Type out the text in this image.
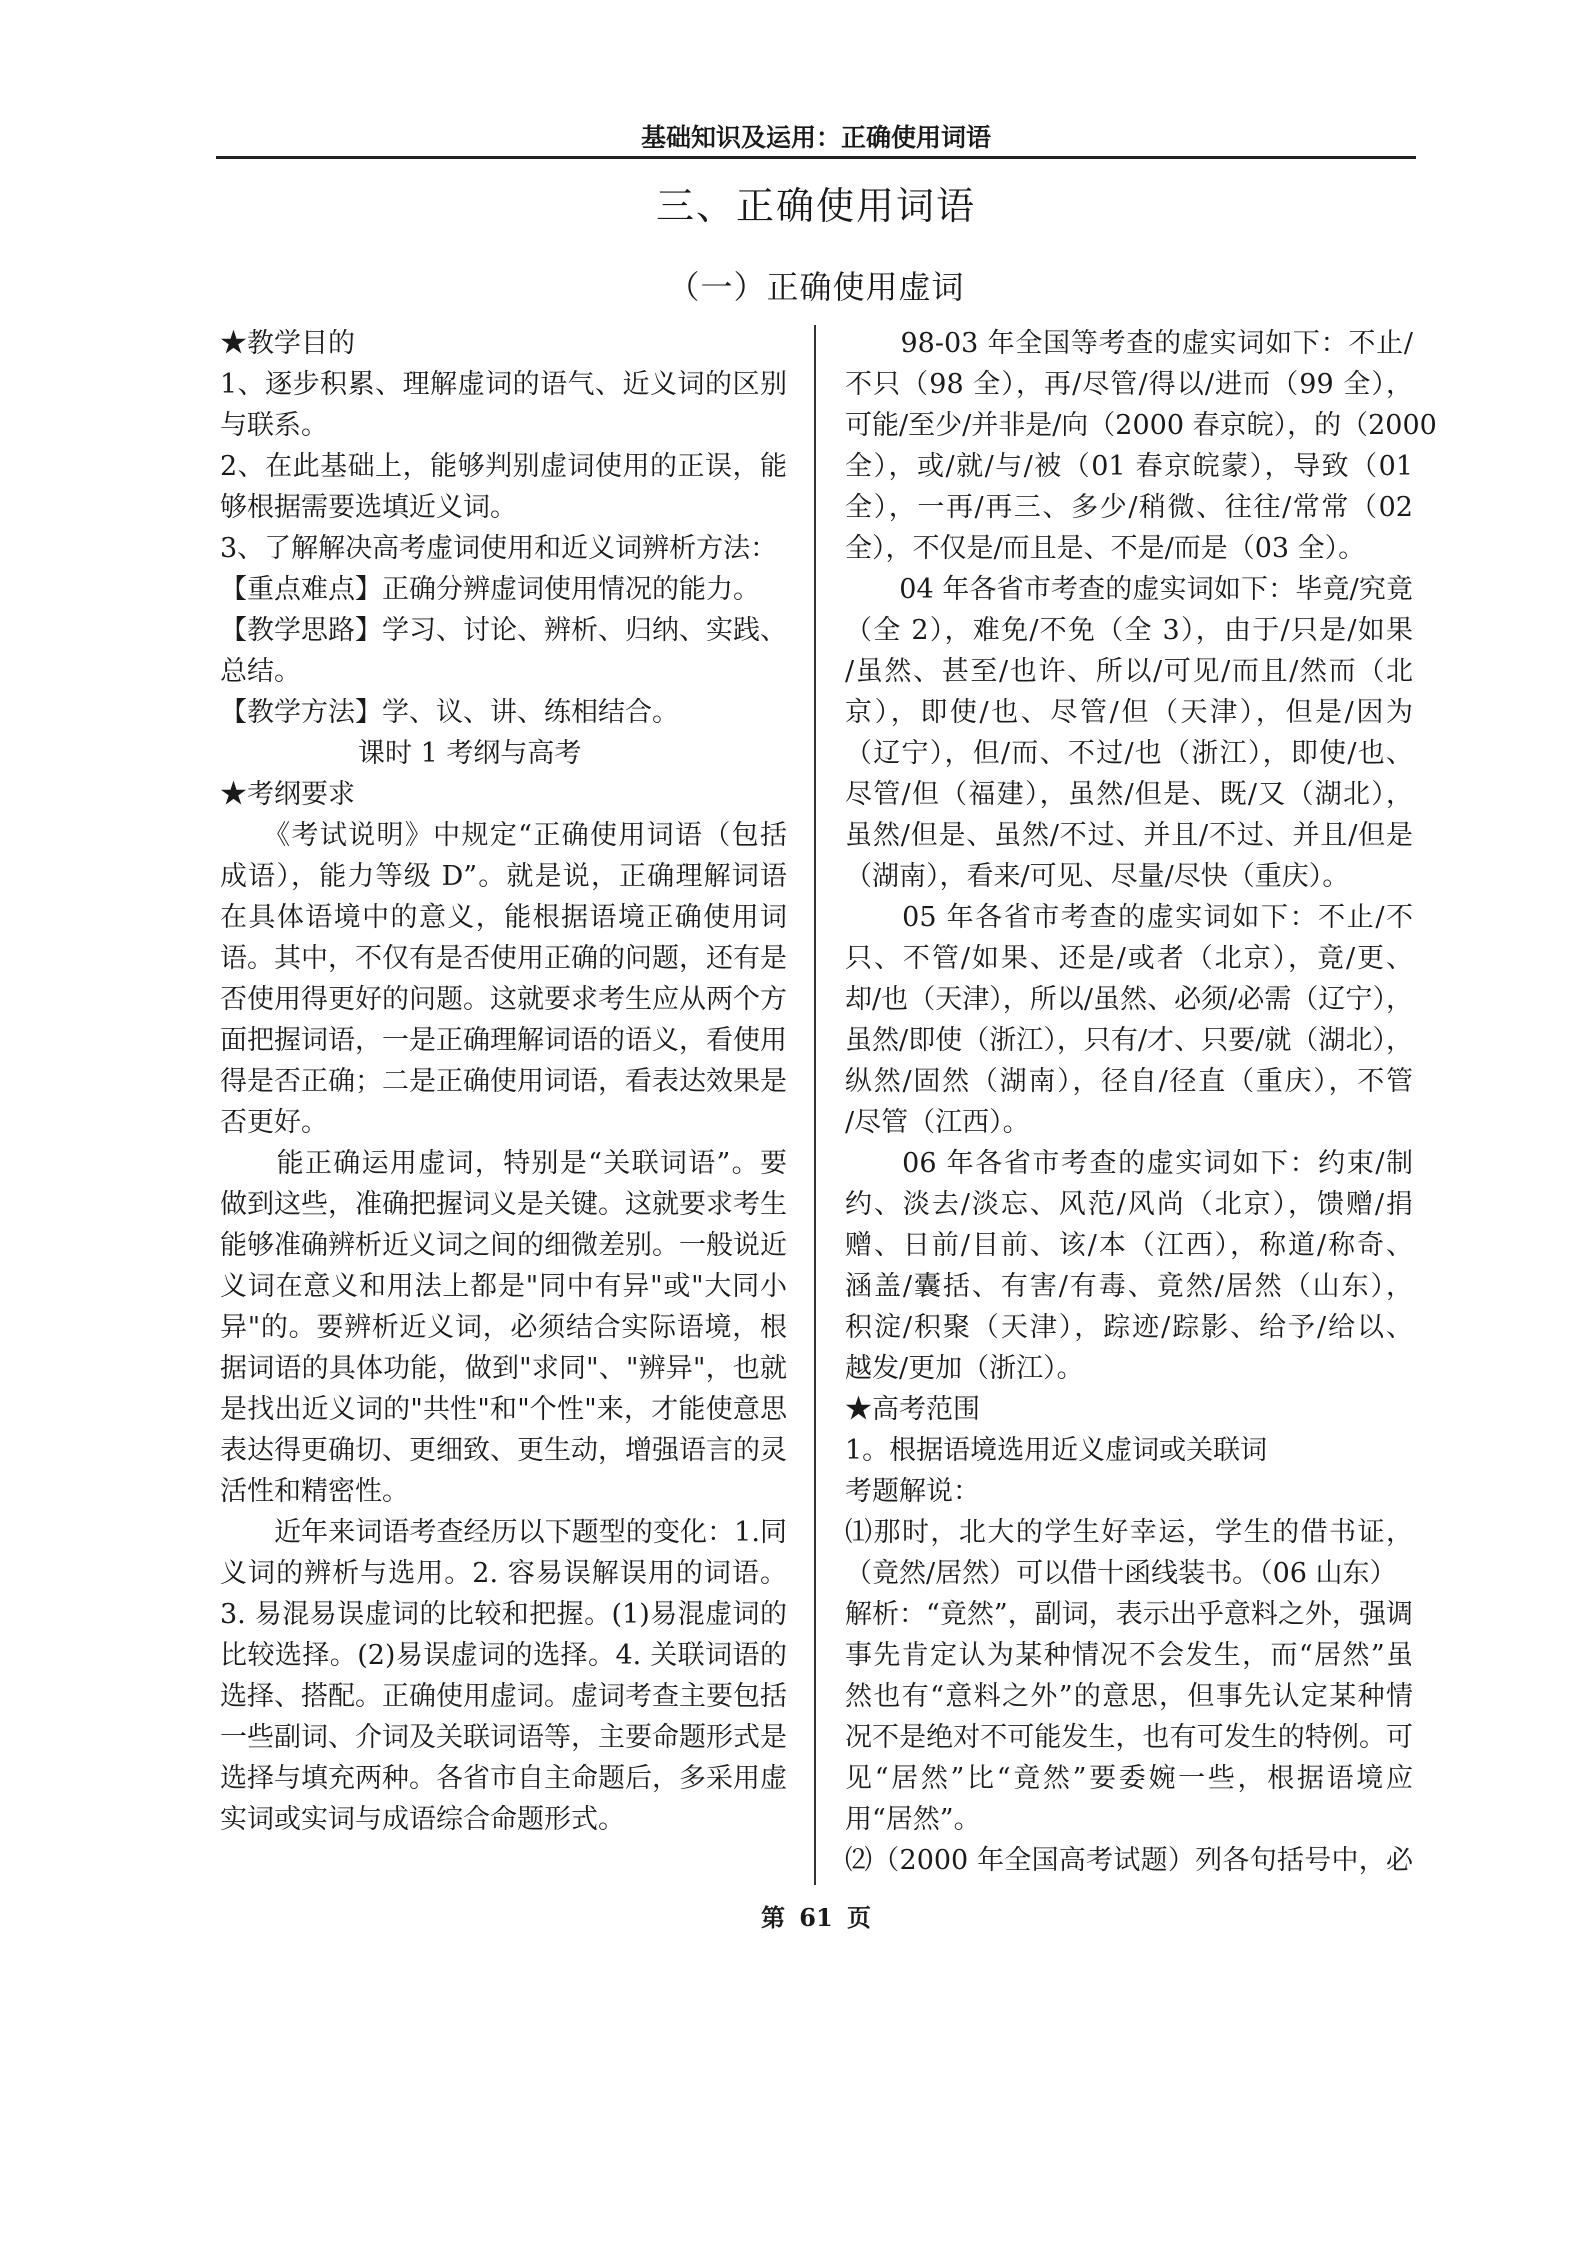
基础知识及运用：正确使用词语
三、正确使用词语
（一）正确使用虚词
★教学目的
1、逐步积累、理解虚词的语气、近义词的区别
与联系。
2、在此基础上，能够判别虚词使用的正误，能
够根据需要选填近义词。
3、了解解决高考虚词使用和近义词辨析方法：
【重点难点】正确分辨虚词使用情况的能力。
【教学思路】学习、讨论、辨析、归纳、实践、
总结。
【教学方法】学、议、讲、练相结合。
课时 1 考纲与高考
★考纲要求
　　《考试说明》中规定“正确使用词语（包括
成语），能力等级 D”。就是说，正确理解词语
在具体语境中的意义，能根据语境正确使用词
语。其中，不仅有是否使用正确的问题，还有是
否使用得更好的问题。这就要求考生应从两个方
面把握词语，一是正确理解词语的语义，看使用
得是否正确；二是正确使用词语，看表达效果是
否更好。
　　能正确运用虚词，特别是“关联词语”。要
做到这些，准确把握词义是关键。这就要求考生
能够准确辨析近义词之间的细微差别。一般说近
义词在意义和用法上都是"同中有异"或"大同小
异"的。要辨析近义词，必须结合实际语境，根
据词语的具体功能，做到"求同"、"辨异"，也就
是找出近义词的"共性"和"个性"来，才能使意思
表达得更确切、更细致、更生动，增强语言的灵
活性和精密性。
　　近年来词语考查经历以下题型的变化：1.同
义词的辨析与选用。2. 容易误解误用的词语。
3. 易混易误虚词的比较和把握。(1)易混虚词的
比较选择。(2)易误虚词的选择。4. 关联词语的
选择、搭配。正确使用虚词。虚词考查主要包括
一些副词、介词及关联词语等，主要命题形式是
选择与填充两种。各省市自主命题后，多采用虚
实词或实词与成语综合命题形式。
　　98-03 年全国等考查的虚实词如下：不止/
不只（98 全），再/尽管/得以/进而（99 全），
可能/至少/并非是/向（2000 春京皖），的（2000
全），或/就/与/被（01 春京皖蒙），导致（01
全），一再/再三、多少/稍微、往往/常常（02
全），不仅是/而且是、不是/而是（03 全）。
　　04 年各省市考查的虚实词如下：毕竟/究竟
（全 2），难免/不免（全 3），由于/只是/如果
/虽然、甚至/也许、所以/可见/而且/然而（北
京），即使/也、尽管/但（天津），但是/因为
（辽宁），但/而、不过/也（浙江），即使/也、
尽管/但（福建），虽然/但是、既/又（湖北），
虽然/但是、虽然/不过、并且/不过、并且/但是
（湖南），看来/可见、尽量/尽快（重庆）。
　　05 年各省市考查的虚实词如下：不止/不
只、不管/如果、还是/或者（北京），竟/更、
却/也（天津），所以/虽然、必须/必需（辽宁），
虽然/即使（浙江），只有/才、只要/就（湖北），
纵然/固然（湖南），径自/径直（重庆），不管
/尽管（江西）。
　　06 年各省市考查的虚实词如下：约束/制
约、淡去/淡忘、风范/风尚（北京），馈赠/捐
赠、日前/目前、该/本（江西），称道/称奇、
涵盖/囊括、有害/有毒、竟然/居然（山东），
积淀/积聚（天津），踪迹/踪影、给予/给以、
越发/更加（浙江）。
★高考范围
1。根据语境选用近义虚词或关联词
考题解说：
⑴那时，北大的学生好幸运，学生的借书证，
（竟然/居然）可以借十函线装书。（06 山东）
解析：“竟然”，副词，表示出乎意料之外，强调
事先肯定认为某种情况不会发生，而“居然”虽
然也有“意料之外”的意思，但事先认定某种情
况不是绝对不可能发生，也有可发生的特例。可
见“居然”比“竟然”要委婉一些，根据语境应
用“居然”。
⑵（2000 年全国高考试题）列各句括号中，必
第 61 页
